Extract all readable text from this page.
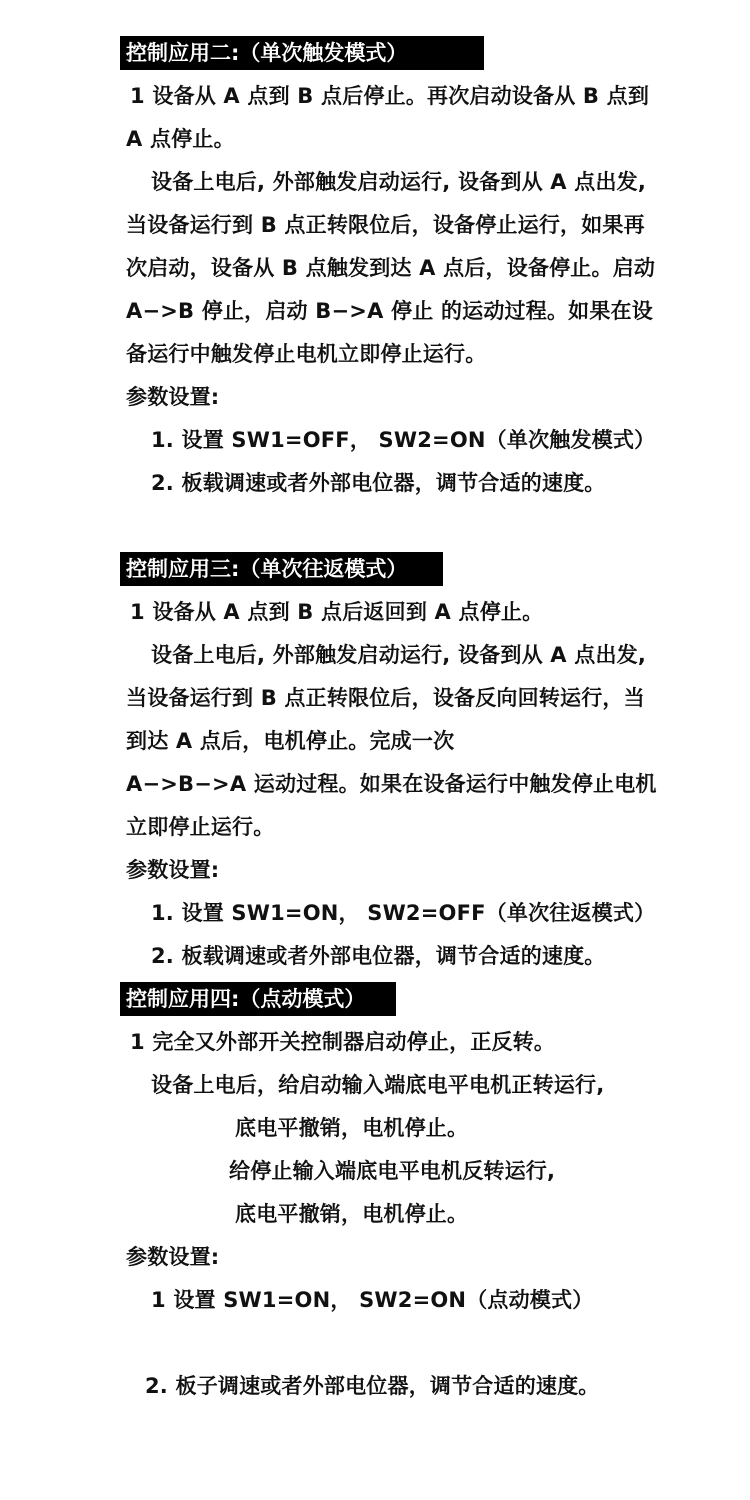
控制应用二:（单次触发模式）
1 设备从 A 点到 B 点后停止。再次启动设备从 B 点到
A 点停止。
设备上电后, 外部触发启动运行, 设备到从 A 点出发,
当设备运行到 B 点正转限位后，设备停止运行，如果再
次启动，设备从 B 点触发到达 A 点后，设备停止。启动
A−>B 停止，启动 B−>A 停止 的运动过程。如果在设
备运行中触发停止电机立即停止运行。
参数设置:
1. 设置 SW1=OFF， SW2=ON（单次触发模式）
2. 板载调速或者外部电位器，调节合适的速度。
控制应用三:（单次往返模式）
1 设备从 A 点到 B 点后返回到 A 点停止。
设备上电后, 外部触发启动运行, 设备到从 A 点出发,
当设备运行到 B 点正转限位后，设备反向回转运行，当
到达 A 点后，电机停止。完成一次
A−>B−>A 运动过程。如果在设备运行中触发停止电机
立即停止运行。
参数设置:
1. 设置 SW1=ON， SW2=OFF（单次往返模式）
2. 板载调速或者外部电位器，调节合适的速度。
控制应用四:（点动模式）
1 完全又外部开关控制器启动停止，正反转。
设备上电后，给启动输入端底电平电机正转运行,
底电平撤销，电机停止。
给停止输入端底电平电机反转运行,
底电平撤销，电机停止。
参数设置:
1 设置 SW1=ON， SW2=ON（点动模式）
2. 板子调速或者外部电位器，调节合适的速度。
